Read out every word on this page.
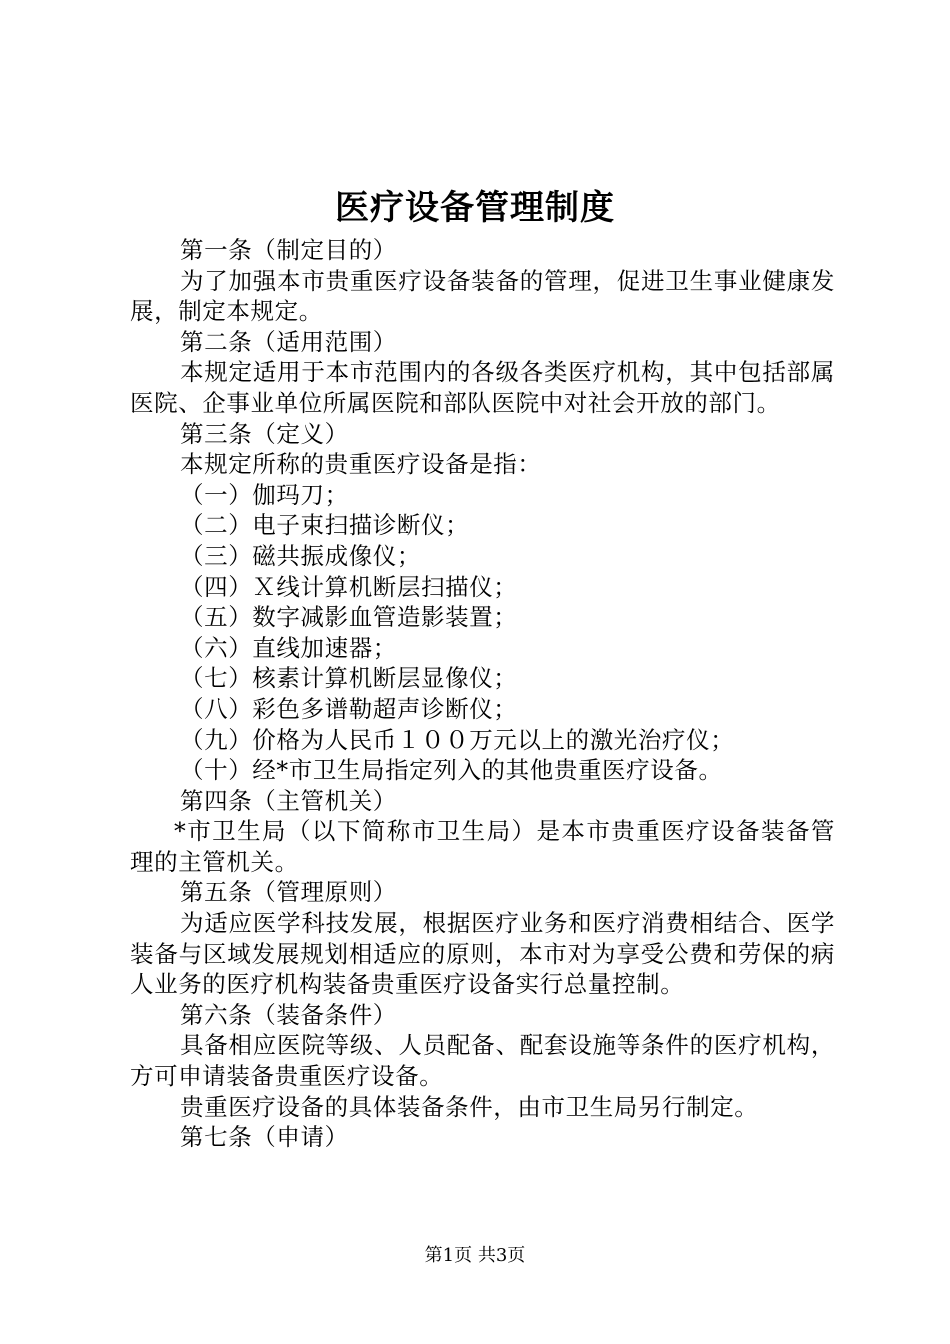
医疗设备管理制度

第一条（制定目的）

为了加强本市贵重医疗设备装备的管理，促进卫生事业健康发展，制定本规定。

第二条（适用范围）

本规定适用于本市范围内的各级各类医疗机构，其中包括部属医院、企事业单位所属医院和部队医院中对社会开放的部门。

第三条（定义）

本规定所称的贵重医疗设备是指：

（一）伽玛刀；

（二）电子束扫描诊断仪；

（三）磁共振成像仪；

（四）Ｘ线计算机断层扫描仪；

（五）数字减影血管造影装置；

（六）直线加速器；

（七）核素计算机断层显像仪；

（八）彩色多谱勒超声诊断仪；

（九）价格为人民币１００万元以上的激光治疗仪；

（十）经*市卫生局指定列入的其他贵重医疗设备。

第四条（主管机关）

*市卫生局（以下简称市卫生局）是本市贵重医疗设备装备管理的主管机关。

第五条（管理原则）

为适应医学科技发展，根据医疗业务和医疗消费相结合、医学装备与区域发展规划相适应的原则，本市对为享受公费和劳保的病人业务的医疗机构装备贵重医疗设备实行总量控制。

第六条（装备条件）

具备相应医院等级、人员配备、配套设施等条件的医疗机构，方可申请装备贵重医疗设备。

贵重医疗设备的具体装备条件，由市卫生局另行制定。

第七条（申请）

第1页 共3页
